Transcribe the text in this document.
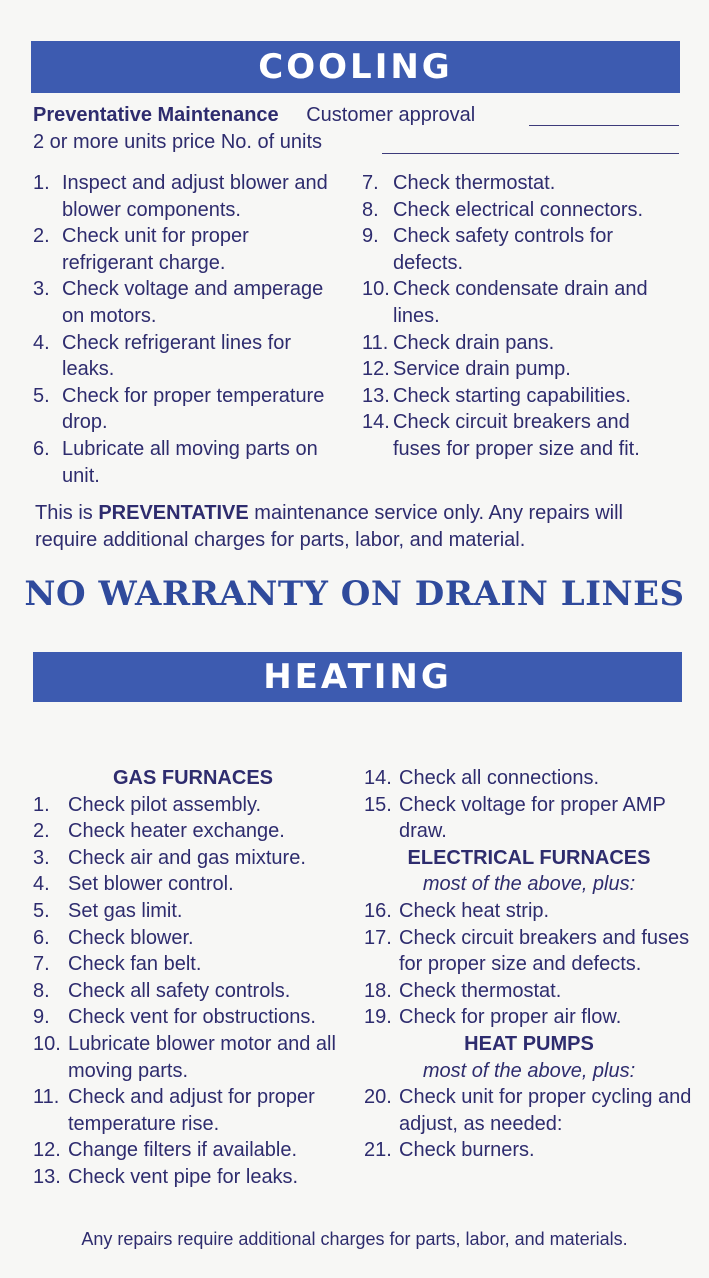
COOLING
Preventative Maintenance Customer approval
2 or more units price No. of units
1. Inspect and adjust blower and blower components.
2. Check unit for proper refrigerant charge.
3. Check voltage and amperage on motors.
4. Check refrigerant lines for leaks.
5. Check for proper temperature drop.
6. Lubricate all moving parts on unit.
7. Check thermostat.
8. Check electrical connectors.
9. Check safety controls for defects.
10. Check condensate drain and lines.
11. Check drain pans.
12. Service drain pump.
13. Check starting capabilities.
14. Check circuit breakers and fuses for proper size and fit.
This is PREVENTATIVE maintenance service only. Any repairs will require additional charges for parts, labor, and material.
NO WARRANTY ON DRAIN LINES
HEATING
GAS FURNACES
1. Check pilot assembly.
2. Check heater exchange.
3. Check air and gas mixture.
4. Set blower control.
5. Set gas limit.
6. Check blower.
7. Check fan belt.
8. Check all safety controls.
9. Check vent for obstructions.
10. Lubricate blower motor and all moving parts.
11. Check and adjust for proper temperature rise.
12. Change filters if available.
13. Check vent pipe for leaks.
14. Check all connections.
15. Check voltage for proper AMP draw.
ELECTRICAL FURNACES
most of the above, plus:
16. Check heat strip.
17. Check circuit breakers and fuses for proper size and defects.
18. Check thermostat.
19. Check for proper air flow.
HEAT PUMPS
most of the above, plus:
20. Check unit for proper cycling and adjust, as needed:
21. Check burners.
Any repairs require additional charges for parts, labor, and materials.
